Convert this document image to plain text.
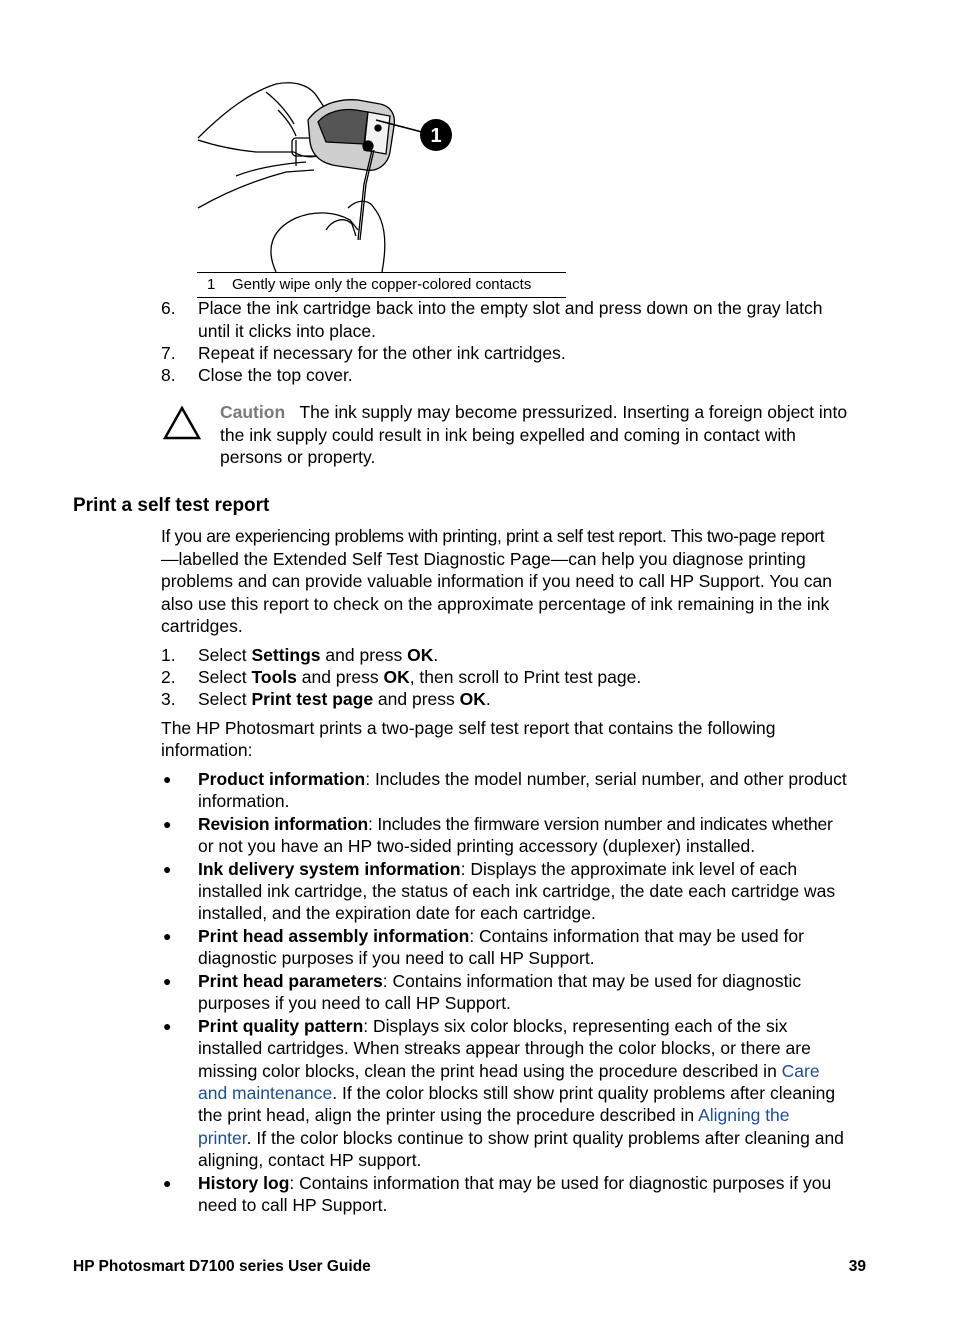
1
1 Gently wipe only the copper-colored contacts
6. Place the ink cartridge back into the empty slot and press down on the gray latch
until it clicks into place.
7. Repeat if necessary for the other ink cartridges.
8. Close the top cover.
Caution The ink supply may become pressurized. Inserting a foreign object into
the ink supply could result in ink being expelled and coming in contact with
persons or property.
Print a self test report
If you are experiencing problems with printing, print a self test report. This two-page report
—labelled the Extended Self Test Diagnostic Page—can help you diagnose printing
problems and can provide valuable information if you need to call HP Support. You can
also use this report to check on the approximate percentage of ink remaining in the ink
cartridges.
1. Select Settings and press OK.
2. Select Tools and press OK, then scroll to Print test page.
3. Select Print test page and press OK.
The HP Photosmart prints a two-page self test report that contains the following
information:
● Product information: Includes the model number, serial number, and other product
information.
● Revision information: Includes the firmware version number and indicates whether
or not you have an HP two-sided printing accessory (duplexer) installed.
● Ink delivery system information: Displays the approximate ink level of each
installed ink cartridge, the status of each ink cartridge, the date each cartridge was
installed, and the expiration date for each cartridge.
● Print head assembly information: Contains information that may be used for
diagnostic purposes if you need to call HP Support.
● Print head parameters: Contains information that may be used for diagnostic
purposes if you need to call HP Support.
● Print quality pattern: Displays six color blocks, representing each of the six
installed cartridges. When streaks appear through the color blocks, or there are
missing color blocks, clean the print head using the procedure described in Care
and maintenance. If the color blocks still show print quality problems after cleaning
the print head, align the printer using the procedure described in Aligning the
printer. If the color blocks continue to show print quality problems after cleaning and
aligning, contact HP support.
● History log: Contains information that may be used for diagnostic purposes if you
need to call HP Support.
HP Photosmart D7100 series User Guide	39
